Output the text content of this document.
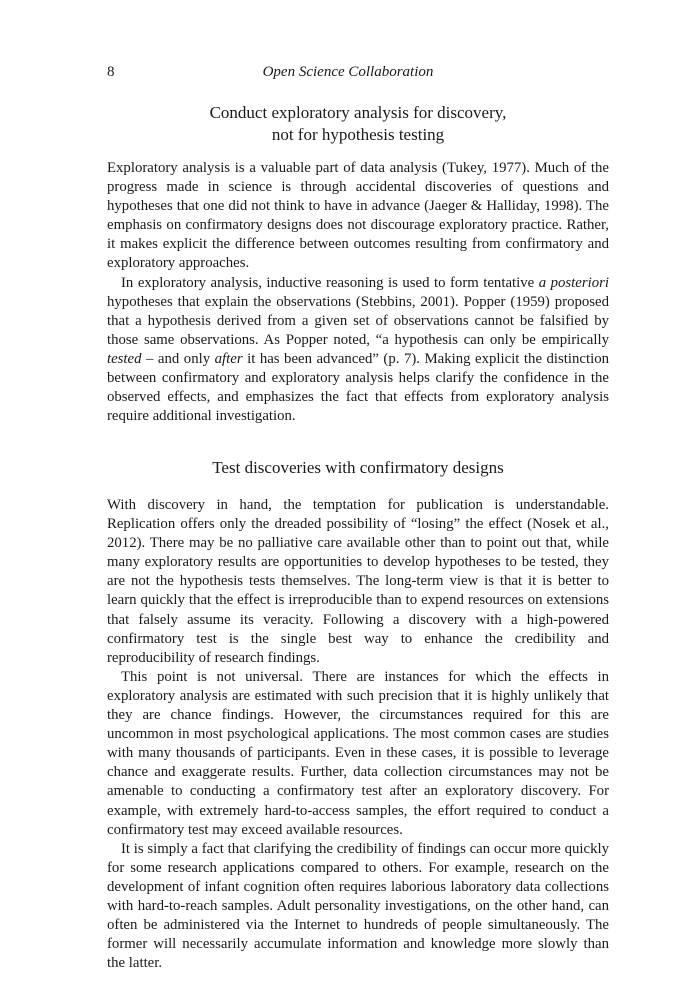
8	Open Science Collaboration
Conduct exploratory analysis for discovery,
not for hypothesis testing

Exploratory analysis is a valuable part of data analysis (Tukey, 1977). Much of the progress made in science is through accidental discoveries of questions and hypotheses that one did not think to have in advance (Jaeger & Halliday, 1998). The emphasis on confirmatory designs does not discourage exploratory practice. Rather, it makes explicit the difference between outcomes resulting from confirmatory and exploratory approaches.

In exploratory analysis, inductive reasoning is used to form tentative a posteriori hypotheses that explain the observations (Stebbins, 2001). Popper (1959) proposed that a hypothesis derived from a given set of observations cannot be falsified by those same observations. As Popper noted, “a hypothesis can only be empirically tested – and only after it has been advanced” (p. 7). Making explicit the distinction between confirmatory and exploratory analysis helps clarify the confidence in the observed effects, and emphasizes the fact that effects from exploratory analysis require additional investigation.

Test discoveries with confirmatory designs

With discovery in hand, the temptation for publication is understandable. Replication offers only the dreaded possibility of “losing” the effect (Nosek et al., 2012). There may be no palliative care available other than to point out that, while many exploratory results are opportunities to develop hypotheses to be tested, they are not the hypothesis tests themselves. The long-term view is that it is better to learn quickly that the effect is irreproducible than to expend resources on extensions that falsely assume its veracity. Following a discovery with a high-powered confirmatory test is the single best way to enhance the credibility and reproducibility of research findings.

This point is not universal. There are instances for which the effects in exploratory analysis are estimated with such precision that it is highly unlikely that they are chance findings. However, the circumstances required for this are uncommon in most psychological applications. The most common cases are studies with many thousands of participants. Even in these cases, it is possible to leverage chance and exaggerate results. Further, data collection circumstances may not be amenable to conducting a confirmatory test after an exploratory discovery. For example, with extremely hard-to-access samples, the effort required to conduct a confirmatory test may exceed available resources.

It is simply a fact that clarifying the credibility of findings can occur more quickly for some research applications compared to others. For example, research on the development of infant cognition often requires laborious laboratory data collections with hard-to-reach samples. Adult personality investigations, on the other hand, can often be administered via the Internet to hundreds of people simultaneously. The former will necessarily accumulate information and knowledge more slowly than the latter.
